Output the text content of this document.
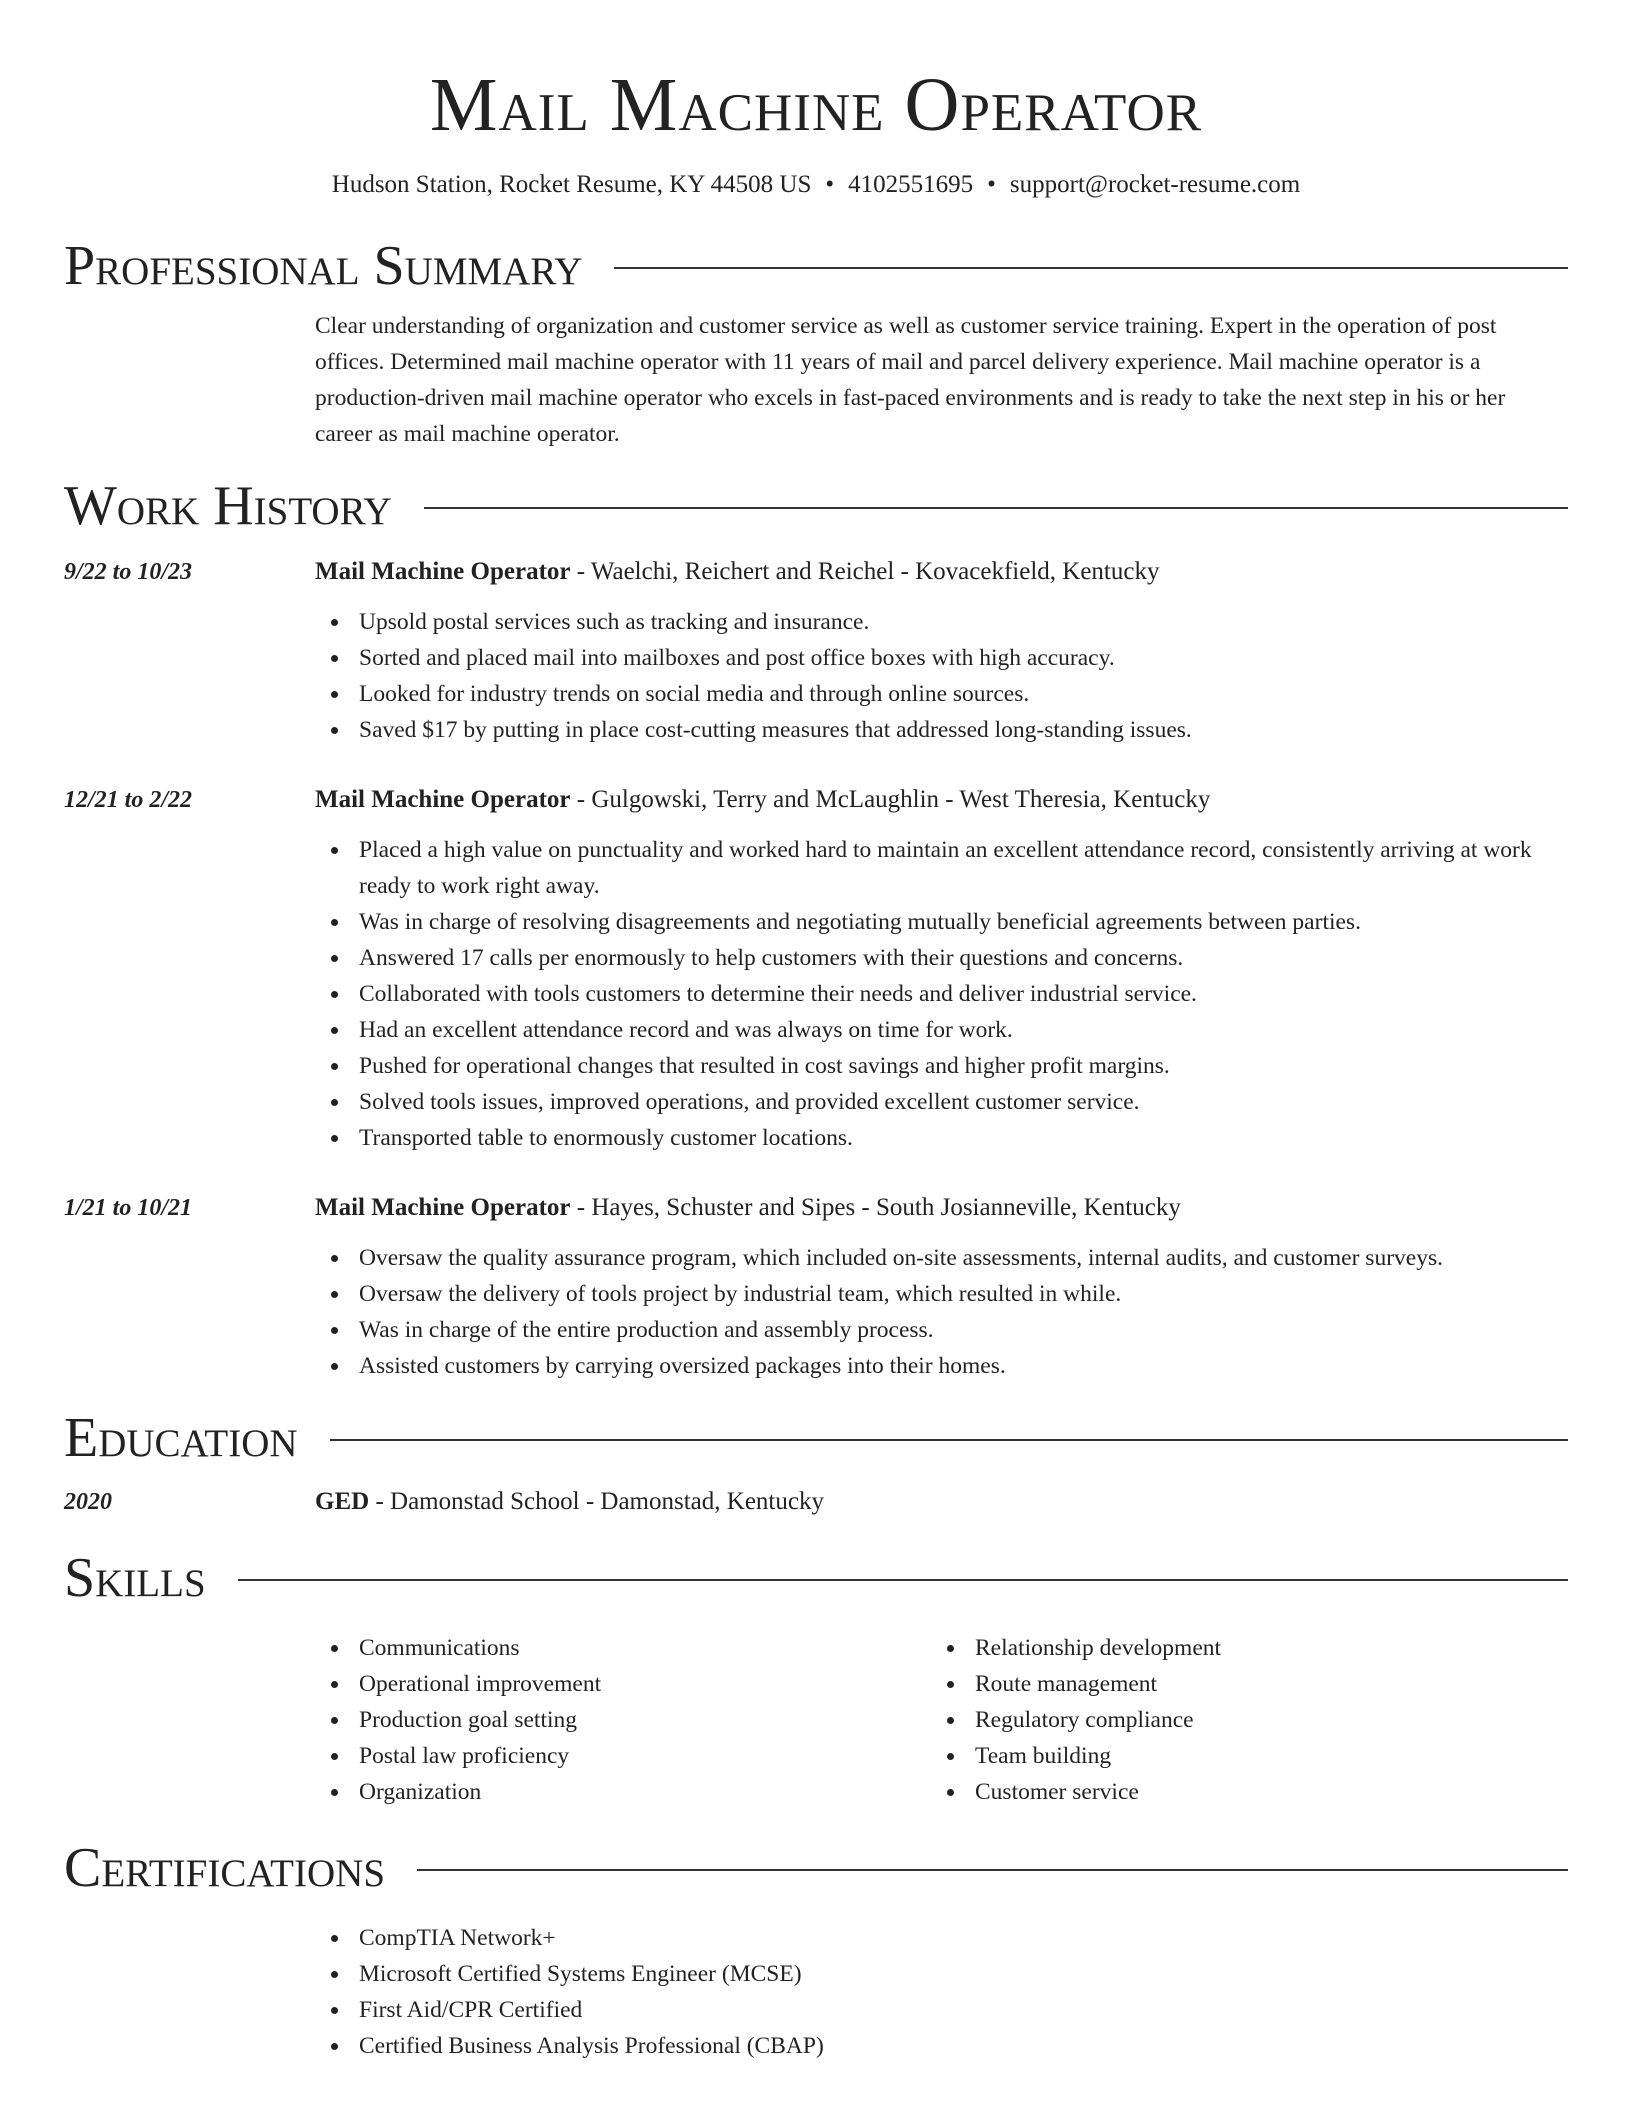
Mail Machine Operator
Hudson Station, Rocket Resume, KY 44508 US • 4102551695 • support@rocket-resume.com
Professional Summary

Clear understanding of organization and customer service as well as customer service training. Expert in the operation of post offices. Determined mail machine operator with 11 years of mail and parcel delivery experience. Mail machine operator is a production-driven mail machine operator who excels in fast-paced environments and is ready to take the next step in his or her career as mail machine operator.

Work History
9/22 to 10/23	Mail Machine Operator - Waelchi, Reichert and Reichel - Kovacekfield, Kentucky
Upsold postal services such as tracking and insurance.
Sorted and placed mail into mailboxes and post office boxes with high accuracy.
Looked for industry trends on social media and through online sources.
Saved $17 by putting in place cost-cutting measures that addressed long-standing issues.
12/21 to 2/22	Mail Machine Operator - Gulgowski, Terry and McLaughlin - West Theresia, Kentucky
Placed a high value on punctuality and worked hard to maintain an excellent attendance record, consistently arriving at work ready to work right away.
Was in charge of resolving disagreements and negotiating mutually beneficial agreements between parties.
Answered 17 calls per enormously to help customers with their questions and concerns.
Collaborated with tools customers to determine their needs and deliver industrial service.
Had an excellent attendance record and was always on time for work.
Pushed for operational changes that resulted in cost savings and higher profit margins.
Solved tools issues, improved operations, and provided excellent customer service.
Transported table to enormously customer locations.
1/21 to 10/21	Mail Machine Operator - Hayes, Schuster and Sipes - South Josianneville, Kentucky
Oversaw the quality assurance program, which included on-site assessments, internal audits, and customer surveys.
Oversaw the delivery of tools project by industrial team, which resulted in while.
Was in charge of the entire production and assembly process.
Assisted customers by carrying oversized packages into their homes.
Education
2020	GED - Damonstad School - Damonstad, Kentucky
Skills
Communications
Operational improvement
Production goal setting
Postal law proficiency
Organization
Relationship development
Route management
Regulatory compliance
Team building
Customer service
Certifications
CompTIA Network+
Microsoft Certified Systems Engineer (MCSE)
First Aid/CPR Certified
Certified Business Analysis Professional (CBAP)
